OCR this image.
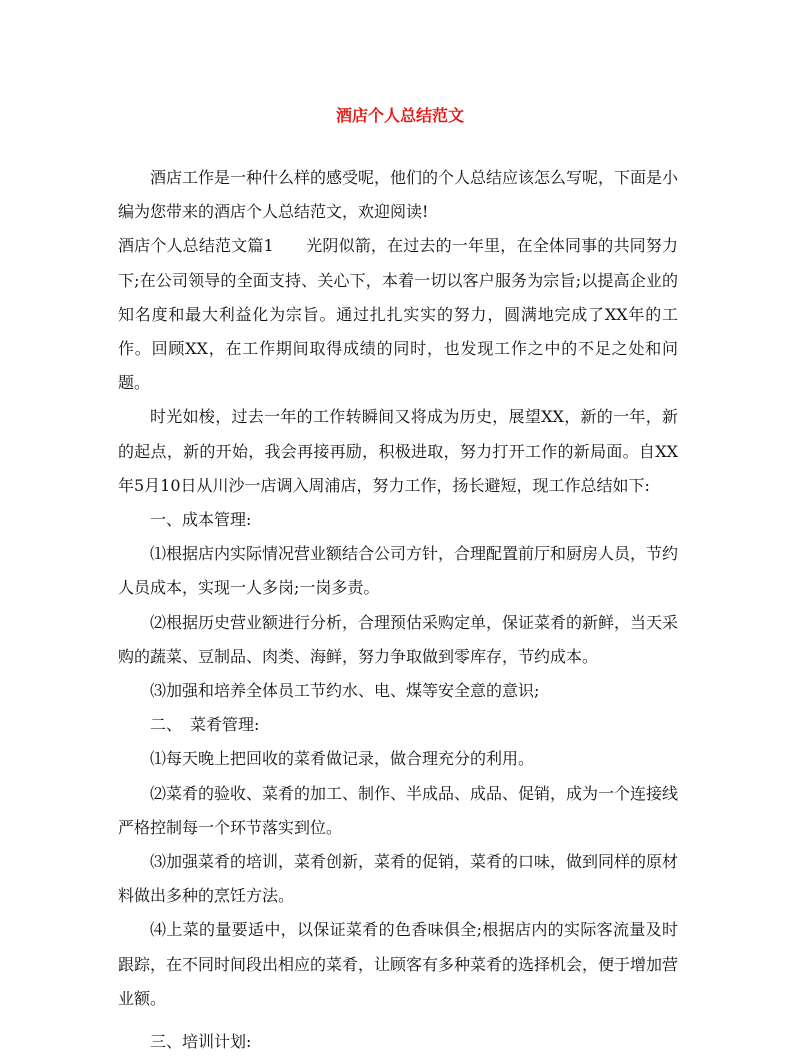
酒店个人总结范文

酒店工作是一种什么样的感受呢，他们的个人总结应该怎么写呢，下面是小编为您带来的酒店个人总结范文，欢迎阅读!

酒店个人总结范文篇1　　光阴似箭，在过去的一年里，在全体同事的共同努力下;在公司领导的全面支持、关心下，本着一切以客户服务为宗旨;以提高企业的知名度和最大利益化为宗旨。通过扎扎实实的努力，圆满地完成了XX年的工作。回顾XX，在工作期间取得成绩的同时，也发现工作之中的不足之处和问题。

时光如梭，过去一年的工作转瞬间又将成为历史，展望XX，新的一年，新的起点，新的开始，我会再接再励，积极进取，努力打开工作的新局面。自XX年5月10日从川沙一店调入周浦店，努力工作，扬长避短，现工作总结如下:

一、成本管理:

⑴根据店内实际情况营业额结合公司方针，合理配置前厅和厨房人员，节约人员成本，实现一人多岗;一岗多责。

⑵根据历史营业额进行分析，合理预估采购定单，保证菜肴的新鲜，当天采购的蔬菜、豆制品、肉类、海鲜，努力争取做到零库存，节约成本。

⑶加强和培养全体员工节约水、电、煤等安全意的意识;

二、　菜肴管理:

⑴每天晚上把回收的菜肴做记录，做合理充分的利用。

⑵菜肴的验收、菜肴的加工、制作、半成品、成品、促销，成为一个连接线严格控制每一个环节落实到位。

⑶加强菜肴的培训，菜肴创新，菜肴的促销，菜肴的口味，做到同样的原材料做出多种的烹饪方法。

⑷上菜的量要适中，以保证菜肴的色香味俱全;根据店内的实际客流量及时跟踪，在不同时间段出相应的菜肴，让顾客有多种菜肴的选择机会，便于增加营业额。

三、培训计划:
